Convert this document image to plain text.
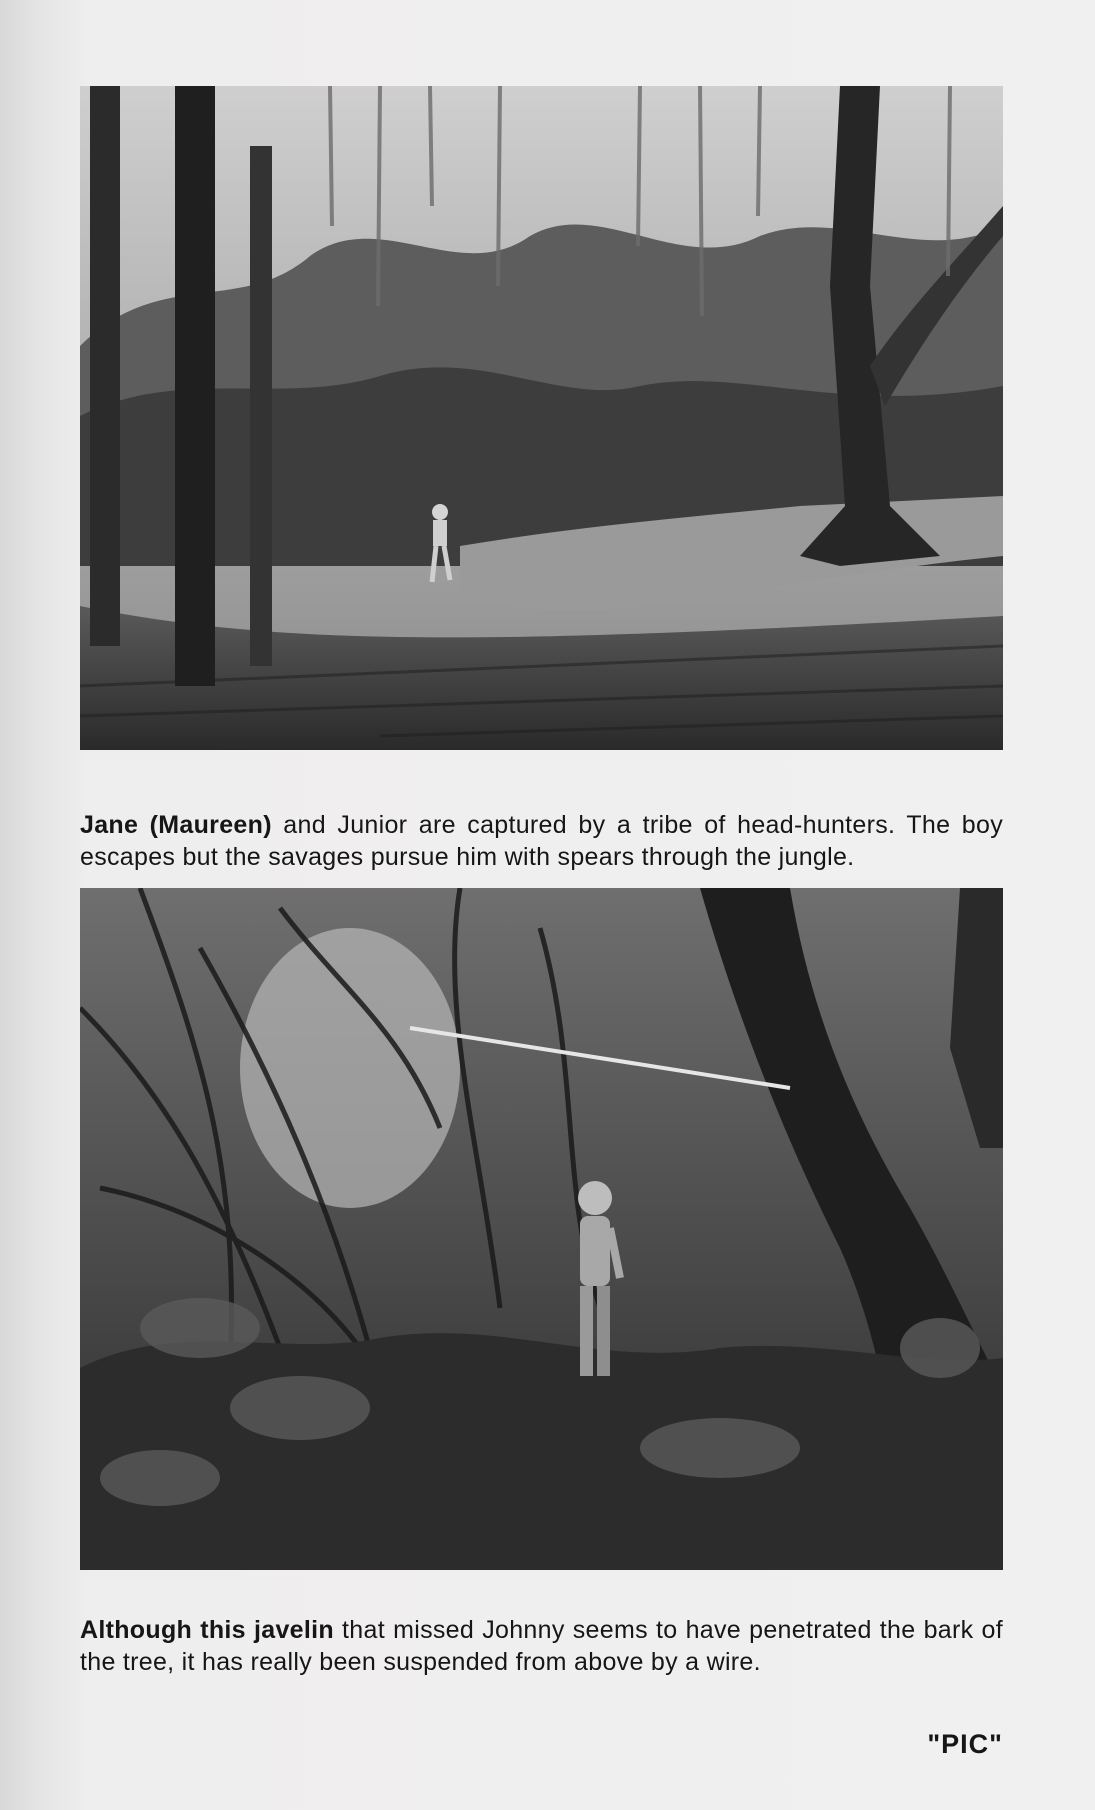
Jane (Maureen) and Junior are captured by a tribe of head-hunters. The boy escapes but the savages pursue him with spears through the jungle.

Although this javelin that missed Johnny seems to have penetrated the bark of the tree, it has really been suspended from above by a wire.

"PIC"
